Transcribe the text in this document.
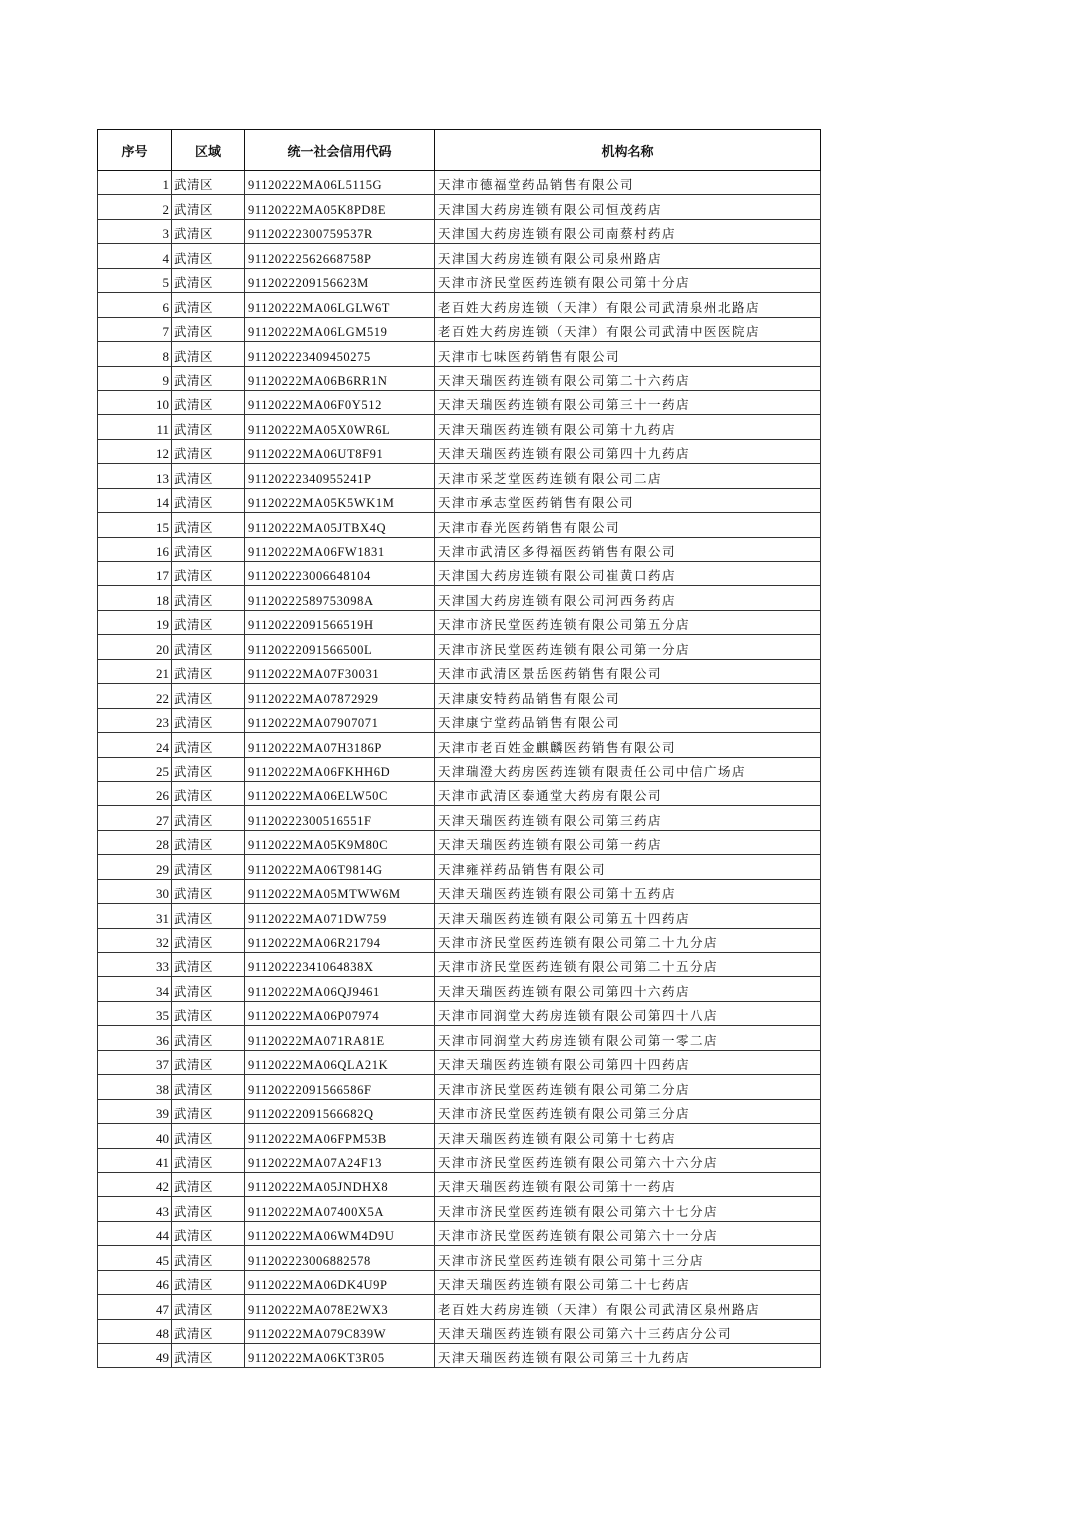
序号	区域	统一社会信用代码	机构名称
1	武清区	91120222MA06L5115G	天津市德福堂药品销售有限公司
2	武清区	91120222MA05K8PD8E	天津国大药房连锁有限公司恒茂药店
3	武清区	91120222300759537R	天津国大药房连锁有限公司南蔡村药店
4	武清区	91120222562668758P	天津国大药房连锁有限公司泉州路店
5	武清区	9112022209156623M	天津市济民堂医药连锁有限公司第十分店
6	武清区	91120222MA06LGLW6T	老百姓大药房连锁（天津）有限公司武清泉州北路店
7	武清区	91120222MA06LGM519	老百姓大药房连锁（天津）有限公司武清中医医院店
8	武清区	911202223409450275	天津市七味医药销售有限公司
9	武清区	91120222MA06B6RR1N	天津天瑞医药连锁有限公司第二十六药店
10	武清区	91120222MA06F0Y512	天津天瑞医药连锁有限公司第三十一药店
11	武清区	91120222MA05X0WR6L	天津天瑞医药连锁有限公司第十九药店
12	武清区	91120222MA06UT8F91	天津天瑞医药连锁有限公司第四十九药店
13	武清区	91120222340955241P	天津市采芝堂医药连锁有限公司二店
14	武清区	91120222MA05K5WK1M	天津市承志堂医药销售有限公司
15	武清区	91120222MA05JTBX4Q	天津市春光医药销售有限公司
16	武清区	91120222MA06FW1831	天津市武清区多得福医药销售有限公司
17	武清区	911202223006648104	天津国大药房连锁有限公司崔黄口药店
18	武清区	91120222589753098A	天津国大药房连锁有限公司河西务药店
19	武清区	91120222091566519H	天津市济民堂医药连锁有限公司第五分店
20	武清区	91120222091566500L	天津市济民堂医药连锁有限公司第一分店
21	武清区	91120222MA07F30031	天津市武清区景岳医药销售有限公司
22	武清区	91120222MA07872929	天津康安特药品销售有限公司
23	武清区	91120222MA07907071	天津康宁堂药品销售有限公司
24	武清区	91120222MA07H3186P	天津市老百姓金麒麟医药销售有限公司
25	武清区	91120222MA06FKHH6D	天津瑞澄大药房医药连锁有限责任公司中信广场店
26	武清区	91120222MA06ELW50C	天津市武清区泰通堂大药房有限公司
27	武清区	91120222300516551F	天津天瑞医药连锁有限公司第三药店
28	武清区	91120222MA05K9M80C	天津天瑞医药连锁有限公司第一药店
29	武清区	91120222MA06T9814G	天津雍祥药品销售有限公司
30	武清区	91120222MA05MTWW6M	天津天瑞医药连锁有限公司第十五药店
31	武清区	91120222MA071DW759	天津天瑞医药连锁有限公司第五十四药店
32	武清区	91120222MA06R21794	天津市济民堂医药连锁有限公司第二十九分店
33	武清区	91120222341064838X	天津市济民堂医药连锁有限公司第二十五分店
34	武清区	91120222MA06QJ9461	天津天瑞医药连锁有限公司第四十六药店
35	武清区	91120222MA06P07974	天津市同润堂大药房连锁有限公司第四十八店
36	武清区	91120222MA071RA81E	天津市同润堂大药房连锁有限公司第一零二店
37	武清区	91120222MA06QLA21K	天津天瑞医药连锁有限公司第四十四药店
38	武清区	91120222091566586F	天津市济民堂医药连锁有限公司第二分店
39	武清区	91120222091566682Q	天津市济民堂医药连锁有限公司第三分店
40	武清区	91120222MA06FPM53B	天津天瑞医药连锁有限公司第十七药店
41	武清区	91120222MA07A24F13	天津市济民堂医药连锁有限公司第六十六分店
42	武清区	91120222MA05JNDHX8	天津天瑞医药连锁有限公司第十一药店
43	武清区	91120222MA07400X5A	天津市济民堂医药连锁有限公司第六十七分店
44	武清区	91120222MA06WM4D9U	天津市济民堂医药连锁有限公司第六十一分店
45	武清区	911202223006882578	天津市济民堂医药连锁有限公司第十三分店
46	武清区	91120222MA06DK4U9P	天津天瑞医药连锁有限公司第二十七药店
47	武清区	91120222MA078E2WX3	老百姓大药房连锁（天津）有限公司武清区泉州路店
48	武清区	91120222MA079C839W	天津天瑞医药连锁有限公司第六十三药店分公司
49	武清区	91120222MA06KT3R05	天津天瑞医药连锁有限公司第三十九药店
